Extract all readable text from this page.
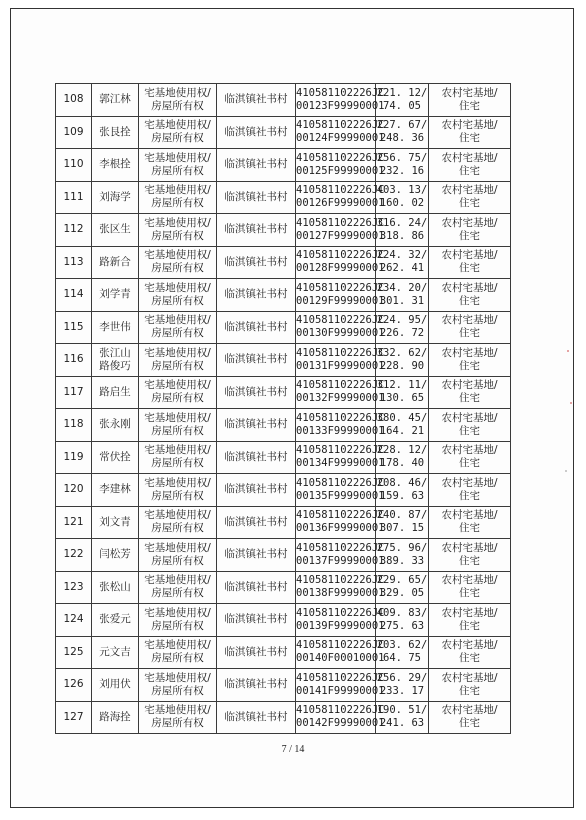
108	郭江林	宅基地使用权/
房屋所有权	临淇镇社书村	410581102226JC
00123F99990001	221. 12/
74. 05	农村宅基地/
住宅

109	张艮拴	宅基地使用权/
房屋所有权	临淇镇社书村	410581102226JC
00124F99990001	227. 67/
248. 36	农村宅基地/
住宅

110	李根拴	宅基地使用权/
房屋所有权	临淇镇社书村	410581102226JC
00125F99990001	256. 75/
232. 16	农村宅基地/
住宅

111	刘海学	宅基地使用权/
房屋所有权	临淇镇社书村	410581102226JC
00126F99990001	403. 13/
160. 02	农村宅基地/
住宅

112	张区生	宅基地使用权/
房屋所有权	临淇镇社书村	410581102226JC
00127F99990001	316. 24/
318. 86	农村宅基地/
住宅

113	路新合	宅基地使用权/
房屋所有权	临淇镇社书村	410581102226JC
00128F99990001	224. 32/
262. 41	农村宅基地/
住宅

114	刘学青	宅基地使用权/
房屋所有权	临淇镇社书村	410581102226JC
00129F99990001	234. 20/
301. 31	农村宅基地/
住宅

115	李世伟	宅基地使用权/
房屋所有权	临淇镇社书村	410581102226JC
00130F99990001	224. 95/
226. 72	农村宅基地/
住宅

116	张江山
路俊巧	宅基地使用权/
房屋所有权	临淇镇社书村	410581102226JC
00131F99990001	332. 62/
228. 90	农村宅基地/
住宅

117	路启生	宅基地使用权/
房屋所有权	临淇镇社书村	410581102226JC
00132F99990001	312. 11/
130. 65	农村宅基地/
住宅

118	张永刚	宅基地使用权/
房屋所有权	临淇镇社书村	410581102226JC
00133F99990001	380. 45/
164. 21	农村宅基地/
住宅

119	常伏拴	宅基地使用权/
房屋所有权	临淇镇社书村	410581102226JC
00134F99990001	228. 12/
178. 40	农村宅基地/
住宅

120	李建林	宅基地使用权/
房屋所有权	临淇镇社书村	410581102226JC
00135F99990001	208. 46/
159. 63	农村宅基地/
住宅

121	刘文青	宅基地使用权/
房屋所有权	临淇镇社书村	410581102226JC
00136F99990001	240. 87/
307. 15	农村宅基地/
住宅

122	闫松芳	宅基地使用权/
房屋所有权	临淇镇社书村	410581102226JC
00137F99990001	275. 96/
389. 33	农村宅基地/
住宅

123	张松山	宅基地使用权/
房屋所有权	临淇镇社书村	410581102226JC
00138F99990001	229. 65/
329. 05	农村宅基地/
住宅

124	张爱元	宅基地使用权/
房屋所有权	临淇镇社书村	410581102226JC
00139F99990001	409. 83/
275. 63	农村宅基地/
住宅

125	元文吉	宅基地使用权/
房屋所有权	临淇镇社书村	410581102226JC
00140F00010001	203. 62/
64. 75	农村宅基地/
住宅

126	刘用伏	宅基地使用权/
房屋所有权	临淇镇社书村	410581102226JC
00141F99990001	256. 29/
233. 17	农村宅基地/
住宅

127	路海拴	宅基地使用权/
房屋所有权	临淇镇社书村	410581102226JC
00142F99990001	190. 51/
241. 63	农村宅基地/
住宅
7 / 14
